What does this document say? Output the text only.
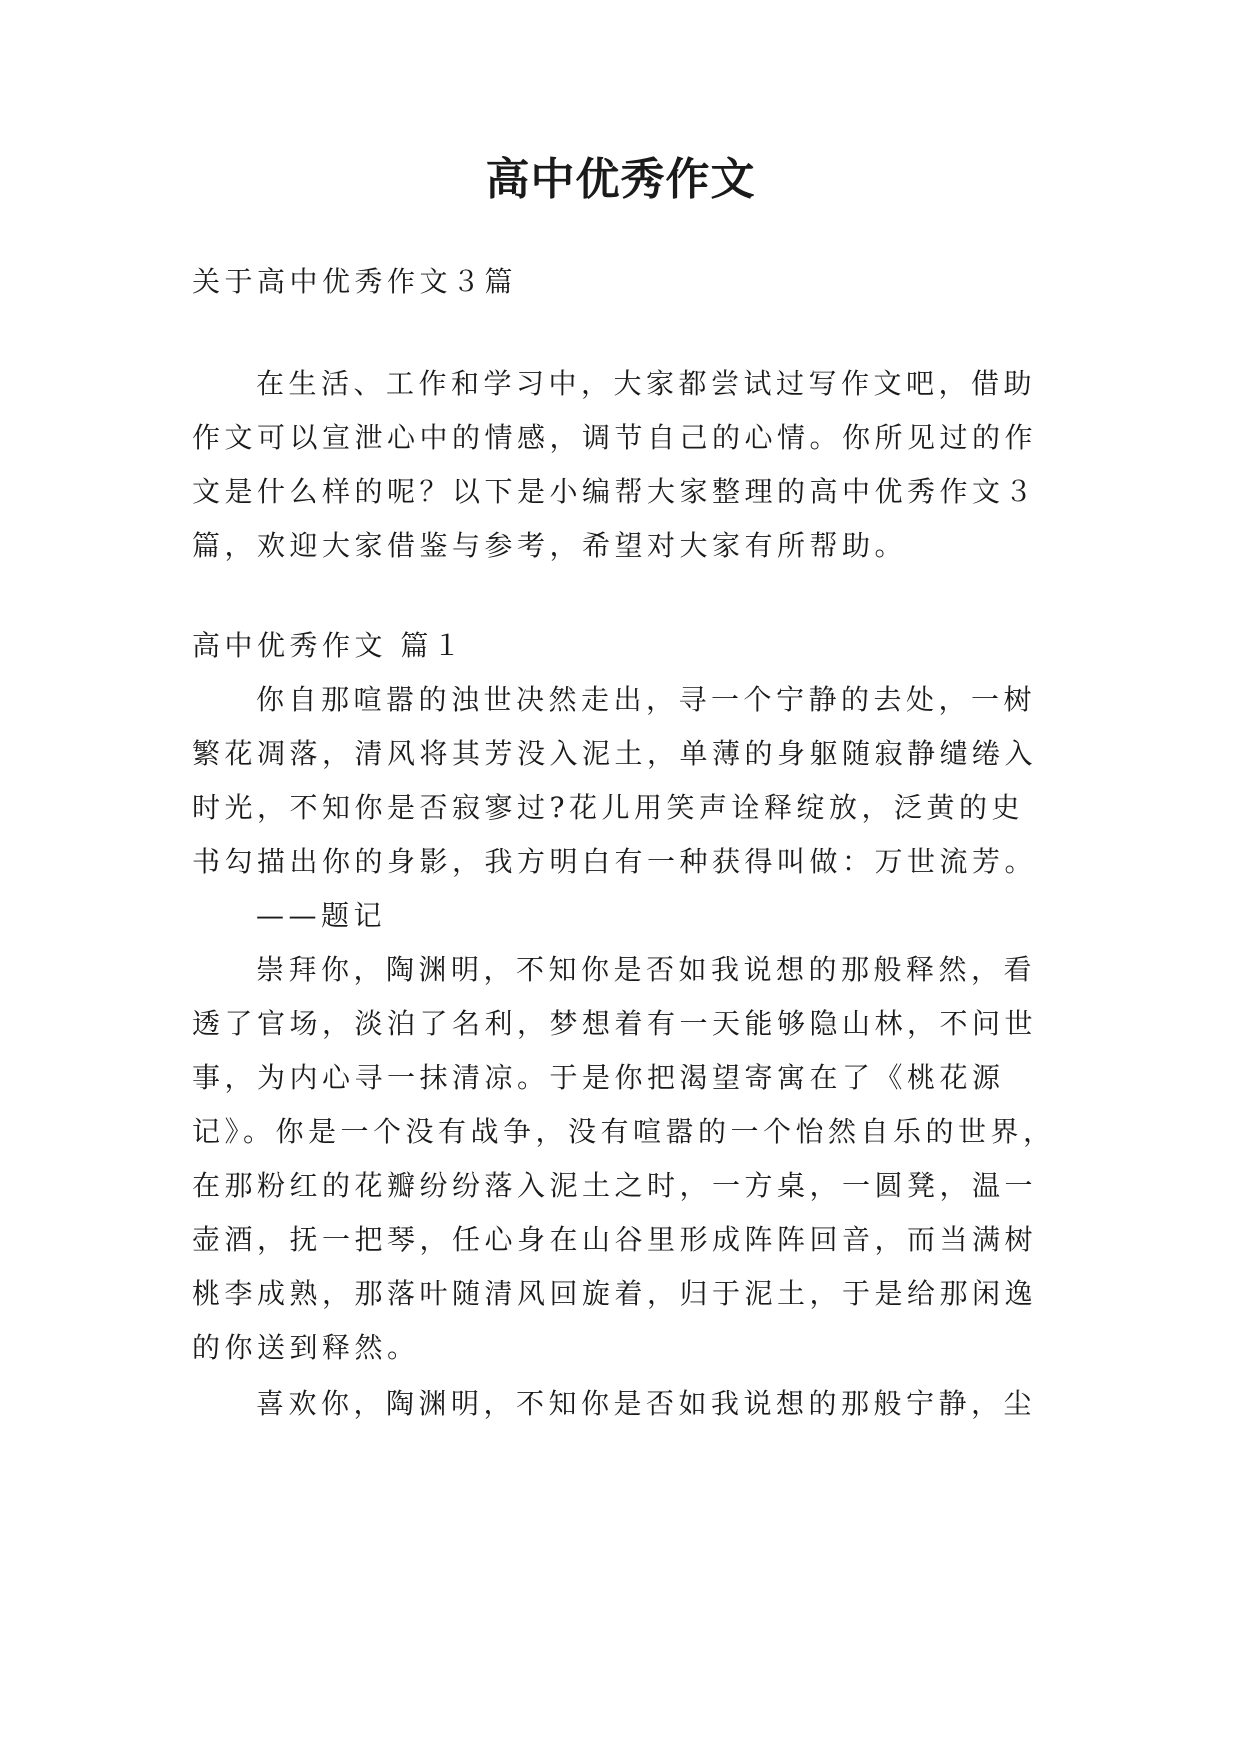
高中优秀作文
关于高中优秀作文３篇
在生活、工作和学习中，大家都尝试过写作文吧，借助
作文可以宣泄心中的情感，调节自己的心情。你所见过的作
文是什么样的呢？以下是小编帮大家整理的高中优秀作文３
篇，欢迎大家借鉴与参考，希望对大家有所帮助。
高中优秀作文 篇１
你自那喧嚣的浊世决然走出，寻一个宁静的去处，一树
繁花凋落，清风将其芳没入泥土，单薄的身躯随寂静缱绻入
时光，不知你是否寂寥过?花儿用笑声诠释绽放，泛黄的史
书勾描出你的身影，我方明白有一种获得叫做：万世流芳。
——题记
崇拜你，陶渊明，不知你是否如我说想的那般释然，看
透了官场，淡泊了名利，梦想着有一天能够隐山林，不问世
事，为内心寻一抹清凉。于是你把渴望寄寓在了《桃花源
记》。你是一个没有战争，没有喧嚣的一个怡然自乐的世界，
在那粉红的花瓣纷纷落入泥土之时，一方桌，一圆凳，温一
壶酒，抚一把琴，任心身在山谷里形成阵阵回音，而当满树
桃李成熟，那落叶随清风回旋着，归于泥土，于是给那闲逸
的你送到释然。
喜欢你，陶渊明，不知你是否如我说想的那般宁静，尘
